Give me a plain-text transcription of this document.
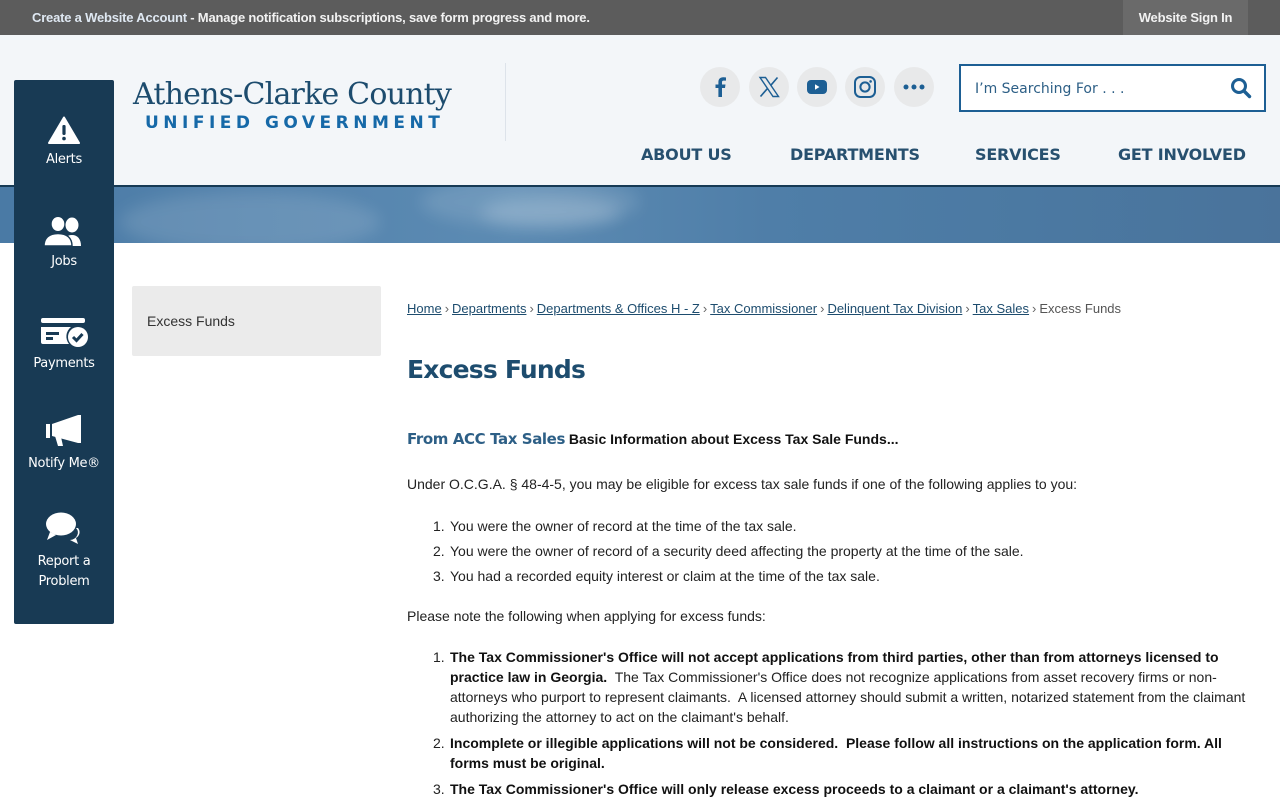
Create a Website Account - Manage notification subscriptions, save form progress and more.	Website Sign In
Athens-Clarke County
UNIFIED GOVERNMENT
I’m Searching For . . .
ABOUT US	DEPARTMENTS	SERVICES	GET INVOLVED
Alerts
Jobs
Payments
Notify Me®
Report a
Problem
Excess Funds
Home › Departments › Departments & Offices H - Z › Tax Commissioner › Delinquent Tax Division › Tax Sales › Excess Funds
Excess Funds
From ACC Tax Sales Basic Information about Excess Tax Sale Funds...

Under O.C.G.A. § 48-4-5, you may be eligible for excess tax sale funds if one of the following applies to you:

1. You were the owner of record at the time of the tax sale.
2. You were the owner of record of a security deed affecting the property at the time of the sale.
3. You had a recorded equity interest or claim at the time of the tax sale.

Please note the following when applying for excess funds:

1. The Tax Commissioner's Office will not accept applications from third parties, other than from attorneys licensed to practice law in Georgia.  The Tax Commissioner's Office does not recognize applications from asset recovery firms or non-attorneys who purport to represent claimants.  A licensed attorney should submit a written, notarized statement from the claimant authorizing the attorney to act on the claimant's behalf.
2. Incomplete or illegible applications will not be considered.  Please follow all instructions on the application form. All forms must be original.
3. The Tax Commissioner's Office will only release excess proceeds to a claimant or a claimant's attorney.
